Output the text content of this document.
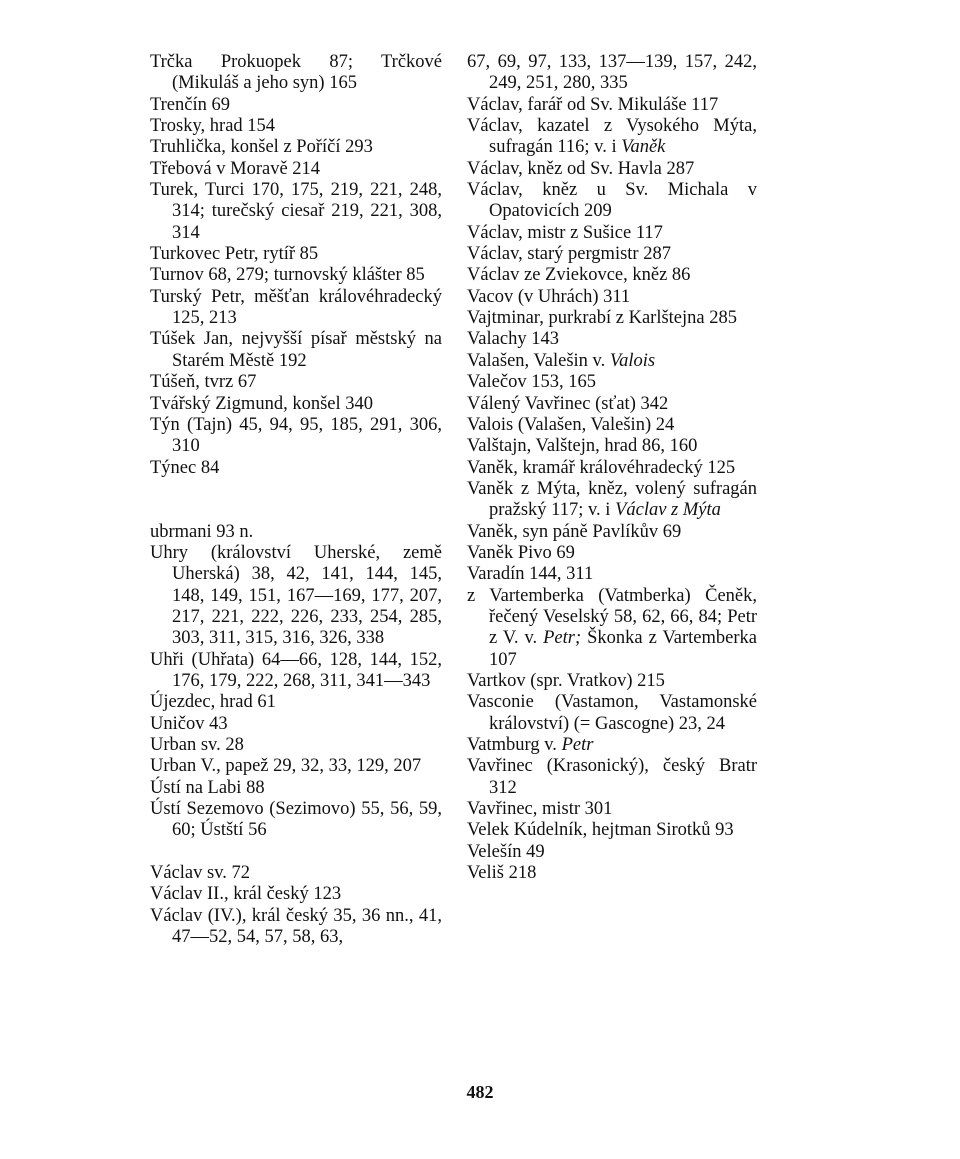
Trčka Prokuopek 87; Trčkové (Mikuláš a jeho syn) 165
Trenčín 69
Trosky, hrad 154
Truhlička, konšel z Poříčí 293
Třebová v Moravě 214
Turek, Turci 170, 175, 219, 221, 248, 314; turečský ciesař 219, 221, 308, 314
Turkovec Petr, rytíř 85
Turnov 68, 279; turnovský klášter 85
Turský Petr, měšťan královéhradecký 125, 213
Túšek Jan, nejvyšší písař městský na Starém Městě 192
Túšeň, tvrz 67
Tvářský Zigmund, konšel 340
Týn (Tajn) 45, 94, 95, 185, 291, 306, 310
Týnec 84
ubrmani 93 n.
Uhry (království Uherské, země Uherská) 38, 42, 141, 144, 145, 148, 149, 151, 167—169, 177, 207, 217, 221, 222, 226, 233, 254, 285, 303, 311, 315, 316, 326, 338
Uhři (Uhřata) 64—66, 128, 144, 152, 176, 179, 222, 268, 311, 341—343
Újezdec, hrad 61
Uničov 43
Urban sv. 28
Urban V., papež 29, 32, 33, 129, 207
Ústí na Labi 88
Ústí Sezemovo (Sezimovo) 55, 56, 59, 60; Ústští 56
Václav sv. 72
Václav II., král český 123
Václav (IV.), král český 35, 36 nn., 41, 47—52, 54, 57, 58, 63,
67, 69, 97, 133, 137—139, 157, 242, 249, 251, 280, 335
Václav, farář od Sv. Mikuláše 117
Václav, kazatel z Vysokého Mýta, sufragán 116; v. i Vaněk
Václav, kněz od Sv. Havla 287
Václav, kněz u Sv. Michala v Opatovicích 209
Václav, mistr z Sušice 117
Václav, starý pergmistr 287
Václav ze Zviekovce, kněz 86
Vacov (v Uhrách) 311
Vajtminar, purkrabí z Karlštejna 285
Valachy 143
Valašen, Valešin v. Valois
Valečov 153, 165
Válený Vavřinec (sťat) 342
Valois (Valašen, Valešin) 24
Valštajn, Valštejn, hrad 86, 160
Vaněk, kramář královéhradecký 125
Vaněk z Mýta, kněz, volený sufragán pražský 117; v. i Václav z Mýta
Vaněk, syn páně Pavlíkův 69
Vaněk Pivo 69
Varadín 144, 311
z Vartemberka (Vatmberka) Čeněk, řečený Veselský 58, 62, 66, 84; Petr z V. v. Petr; Škonka z Vartemberka 107
Vartkov (spr. Vratkov) 215
Vasconie (Vastamon, Vastamonské království) (= Gascogne) 23, 24
Vatmburg v. Petr
Vavřinec (Krasonický), český Bratr 312
Vavřinec, mistr 301
Velek Kúdelník, hejtman Sirotků 93
Velešín 49
Veliš 218
482
